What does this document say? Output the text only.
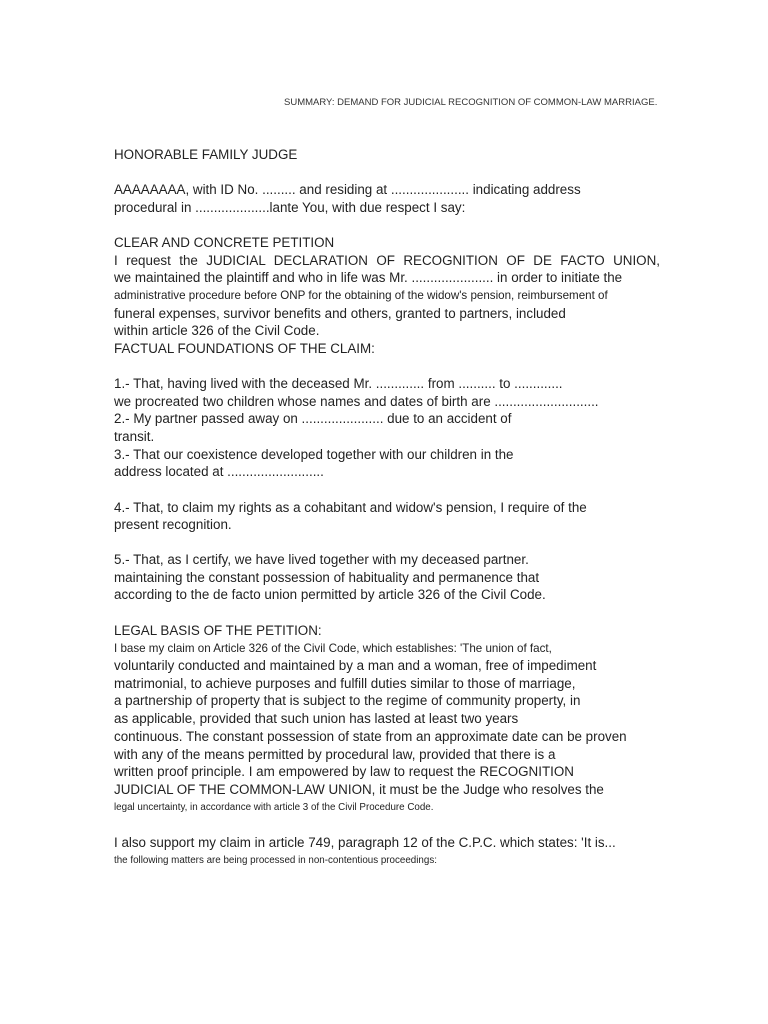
SUMMARY: DEMAND FOR JUDICIAL RECOGNITION OF COMMON-LAW MARRIAGE.
HONORABLE FAMILY JUDGE
AAAAAAAA, with ID No. ......... and residing at ..................... indicating address
procedural in ....................lante You, with due respect I say:
CLEAR AND CONCRETE PETITION
I request the JUDICIAL DECLARATION OF RECOGNITION OF DE FACTO UNION,
we maintained the plaintiff and who in life was Mr. ...................... in order to initiate the
administrative procedure before ONP for the obtaining of the widow's pension, reimbursement of
funeral expenses, survivor benefits and others, granted to partners, included
within article 326 of the Civil Code.
FACTUAL FOUNDATIONS OF THE CLAIM:
1.- That, having lived with the deceased Mr. ............. from .......... to .............
we procreated two children whose names and dates of birth are ............................
2.- My partner passed away on ...................... due to an accident of
transit.
3.- That our coexistence developed together with our children in the
address located at ..........................
4.- That, to claim my rights as a cohabitant and widow's pension, I require of the
present recognition.
5.- That, as I certify, we have lived together with my deceased partner.
maintaining the constant possession of habituality and permanence that
according to the de facto union permitted by article 326 of the Civil Code.
LEGAL BASIS OF THE PETITION:
I base my claim on Article 326 of the Civil Code, which establishes: 'The union of fact,
voluntarily conducted and maintained by a man and a woman, free of impediment
matrimonial, to achieve purposes and fulfill duties similar to those of marriage,
a partnership of property that is subject to the regime of community property, in
as applicable, provided that such union has lasted at least two years
continuous. The constant possession of state from an approximate date can be proven
with any of the means permitted by procedural law, provided that there is a
written proof principle. I am empowered by law to request the RECOGNITION
JUDICIAL OF THE COMMON-LAW UNION, it must be the Judge who resolves the
legal uncertainty, in accordance with article 3 of the Civil Procedure Code.
I also support my claim in article 749, paragraph 12 of the C.P.C. which states: 'It is...
the following matters are being processed in non-contentious proceedings:
